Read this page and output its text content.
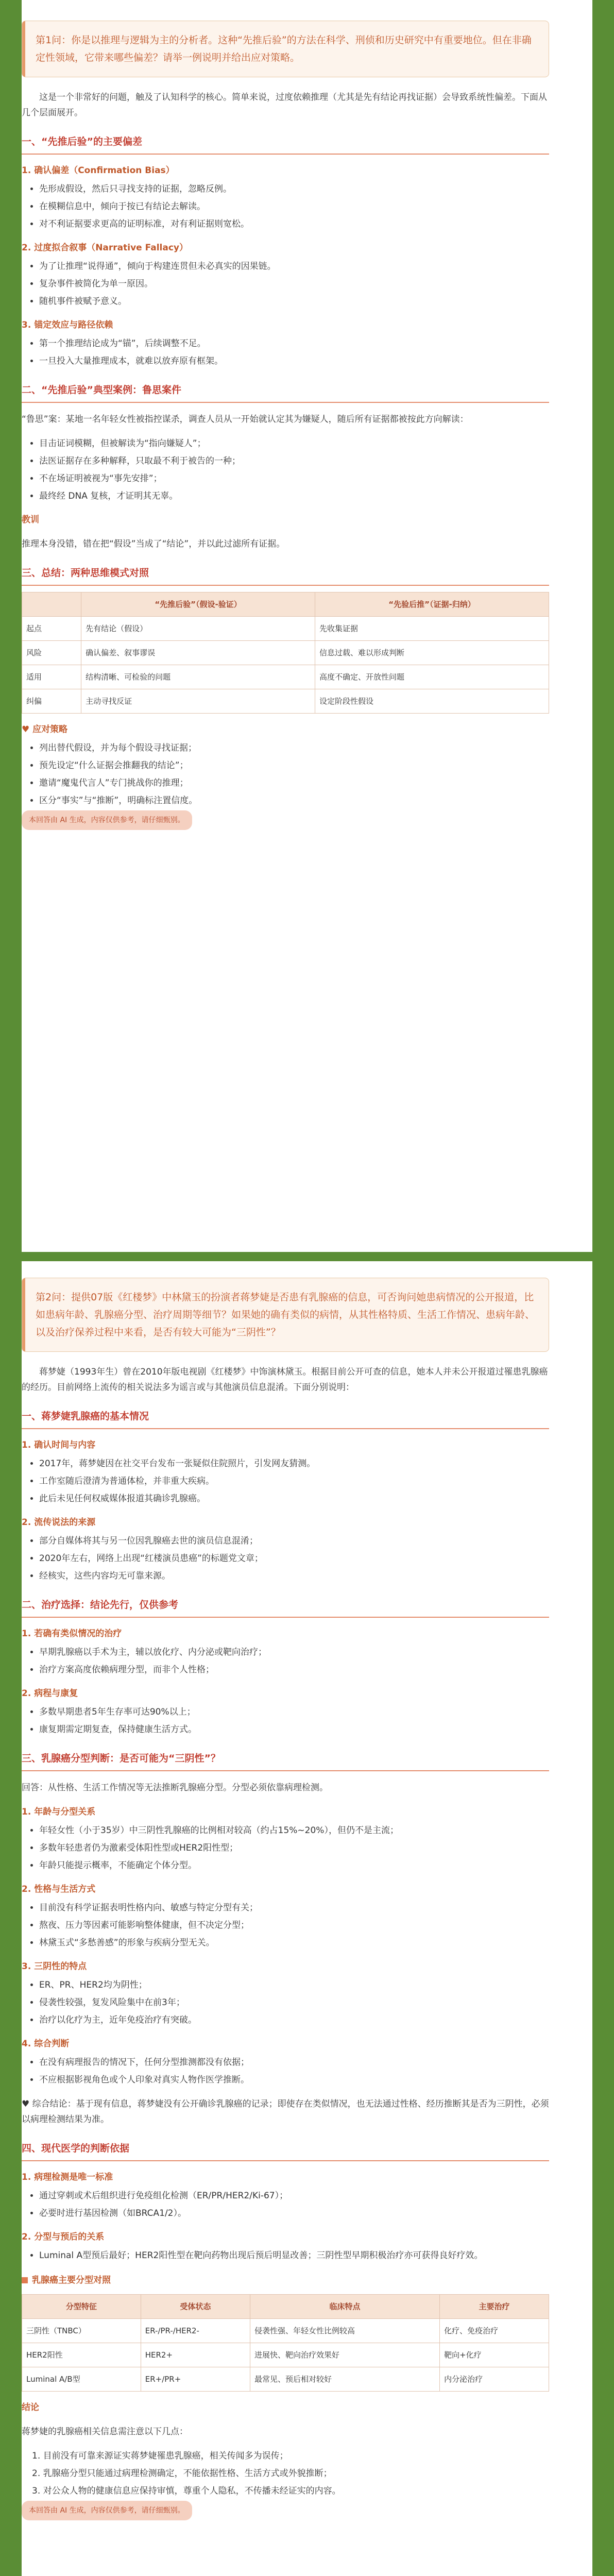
第1问：你是以推理与逻辑为主的分析者。这种“先推后验”的方法在科学、刑侦和历史研究中有重要地位。但在非确定性领域，它带来哪些偏差？请举一例说明并给出应对策略。

这是一个非常好的问题，触及了认知科学的核心。简单来说，过度依赖推理（尤其是先有结论再找证据）会导致系统性偏差。下面从几个层面展开。

一、“先推后验”的主要偏差
1. 确认偏差（Confirmation Bias）
• 先形成假设，然后只寻找支持的证据，忽略反例。
• 在模糊信息中，倾向于按已有结论去解读。
• 对不利证据要求更高的证明标准，对有利证据则宽松。
2. 过度拟合叙事（Narrative Fallacy）
• 为了让推理“说得通”，倾向于构建连贯但未必真实的因果链。
• 复杂事件被简化为单一原因。
• 随机事件被赋予意义。
3. 锚定效应与路径依赖
• 第一个推理结论成为“锚”，后续调整不足。
• 一旦投入大量推理成本，就难以放弃原有框架。
二、“先推后验”典型案例：鲁思案件

“鲁思”案：某地一名年轻女性被指控谋杀，调查人员从一开始就认定其为嫌疑人，随后所有证据都被按此方向解读：

• 目击证词模糊，但被解读为“指向嫌疑人”；
• 法医证据存在多种解释，只取最不利于被告的一种；
• 不在场证明被视为“事先安排”；
• 最终经 DNA 复核，才证明其无辜。
教训

推理本身没错，错在把“假设”当成了“结论”，并以此过滤所有证据。

三、总结：两种思维模式对照
	“先推后验”（假设-验证）	“先验后推”（证据-归纳）
起点	先有结论（假设）	先收集证据
风险	确认偏差、叙事谬误	信息过载、难以形成判断
适用	结构清晰、可检验的问题	高度不确定、开放性问题
纠偏	主动寻找反证	设定阶段性假设
♥ 应对策略
• 列出替代假设，并为每个假设寻找证据；
• 预先设定“什么证据会推翻我的结论”；
• 邀请“魔鬼代言人”专门挑战你的推理；
• 区分“事实”与“推断”，明确标注置信度。
本回答由 AI 生成，内容仅供参考，请仔细甄别。

第2问：提供07版《红楼梦》中林黛玉的扮演者蒋梦婕是否患有乳腺癌的信息，可否询问她患病情况的公开报道，比如患病年龄、乳腺癌分型、治疗周期等细节？如果她的确有类似的病情，从其性格特质、生活工作情况、患病年龄、以及治疗保养过程中来看，是否有较大可能为“三阴性”？

蒋梦婕（1993年生）曾在2010年版电视剧《红楼梦》中饰演林黛玉。根据目前公开可查的信息，她本人并未公开报道过罹患乳腺癌的经历。目前网络上流传的相关说法多为谣言或与其他演员信息混淆。下面分别说明：

一、蒋梦婕乳腺癌的基本情况
1. 确认时间与内容
• 2017年，蒋梦婕因在社交平台发布一张疑似住院照片，引发网友猜测。
• 工作室随后澄清为普通体检，并非重大疾病。
• 此后未见任何权威媒体报道其确诊乳腺癌。
2. 流传说法的来源
• 部分自媒体将其与另一位因乳腺癌去世的演员信息混淆；
• 2020年左右，网络上出现“红楼演员患癌”的标题党文章；
• 经核实，这些内容均无可靠来源。
二、治疗选择：结论先行，仅供参考
1. 若确有类似情况的治疗
• 早期乳腺癌以手术为主，辅以放化疗、内分泌或靶向治疗；
• 治疗方案高度依赖病理分型，而非个人性格；
2. 病程与康复
• 多数早期患者5年生存率可达90%以上；
• 康复期需定期复查，保持健康生活方式。
三、乳腺癌分型判断：是否可能为“三阴性”？

回答：从性格、生活工作情况等无法推断乳腺癌分型。分型必须依靠病理检测。

1. 年龄与分型关系
• 年轻女性（小于35岁）中三阴性乳腺癌的比例相对较高（约占15%~20%），但仍不是主流；
• 多数年轻患者仍为激素受体阳性型或HER2阳性型；
• 年龄只能提示概率，不能确定个体分型。
2. 性格与生活方式
• 目前没有科学证据表明性格内向、敏感与特定分型有关；
• 熬夜、压力等因素可能影响整体健康，但不决定分型；
• 林黛玉式“多愁善感”的形象与疾病分型无关。
3. 三阴性的特点
• ER、PR、HER2均为阴性；
• 侵袭性较强，复发风险集中在前3年；
• 治疗以化疗为主，近年免疫治疗有突破。
4. 综合判断
• 在没有病理报告的情况下，任何分型推测都没有依据；
• 不应根据影视角色或个人印象对真实人物作医学推断。

♥ 综合结论：基于现有信息，蒋梦婕没有公开确诊乳腺癌的记录；即使存在类似情况，也无法通过性格、经历推断其是否为三阴性，必须以病理检测结果为准。

四、现代医学的判断依据
1. 病理检测是唯一标准
• 通过穿刺或术后组织进行免疫组化检测（ER/PR/HER2/Ki-67）；
• 必要时进行基因检测（如BRCA1/2）。
2. 分型与预后的关系
• Luminal A型预后最好；HER2阳性型在靶向药物出现后预后明显改善；三阴性型早期积极治疗亦可获得良好疗效。
乳腺癌主要分型对照
分型特征	受体状态	临床特点	主要治疗
三阴性（TNBC）	ER-/PR-/HER2-	侵袭性强、年轻女性比例较高	化疗、免疫治疗
HER2阳性	HER2+	进展快、靶向治疗效果好	靶向+化疗
Luminal A/B型	ER+/PR+	最常见、预后相对较好	内分泌治疗
结论

蒋梦婕的乳腺癌相关信息需注意以下几点：

1. 目前没有可靠来源证实蒋梦婕罹患乳腺癌，相关传闻多为误传；
2. 乳腺癌分型只能通过病理检测确定，不能依据性格、生活方式或外貌推断；
3. 对公众人物的健康信息应保持审慎，尊重个人隐私，不传播未经证实的内容。
本回答由 AI 生成，内容仅供参考，请仔细甄别。
